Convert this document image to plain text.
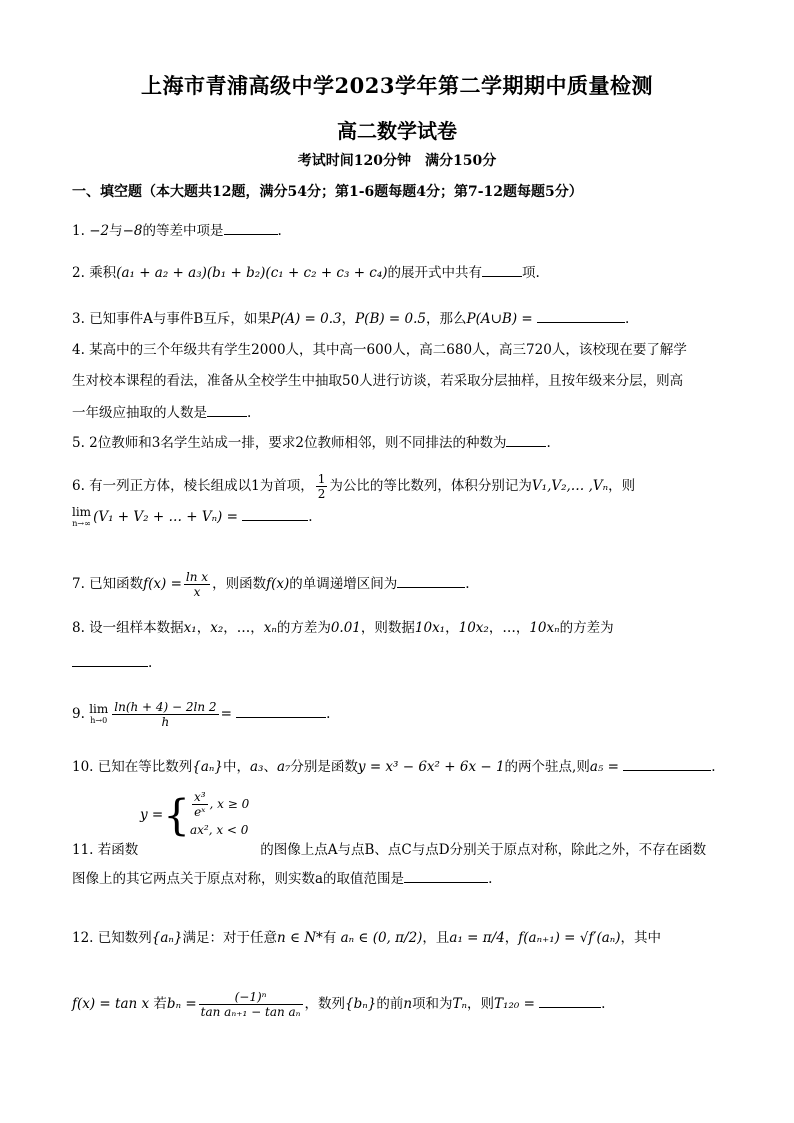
上海市青浦高级中学2023学年第二学期期中质量检测
高二数学试卷
考试时间120分钟　满分150分
一、填空题（本大题共12题，满分54分；第1-6题每题4分；第7-12题每题5分）
1. −2与−8的等差中项是	.
2. 乘积(a₁ + a₂ + a₃)(b₁ + b₂)(c₁ + c₂ + c₃ + c₄)的展开式中共有	项.
3. 已知事件A与事件B互斥，如果P(A) = 0.3，P(B) = 0.5，那么P(A∪B) =	.
4. 某高中的三个年级共有学生2000人，其中高一600人，高二680人，高三720人，该校现在要了解学
生对校本课程的看法，准备从全校学生中抽取50人进行访谈，若采取分层抽样，且按年级来分层，则高
一年级应抽取的人数是	.
5. 2位教师和3名学生站成一排，要求2位教师相邻，则不同排法的种数为	.
6. 有一列正方体，棱长组成以1为首项， $\frac{1}{2}$ 为公比的等比数列，体积分别记为V₁,V₂,… ,Vₙ，则
lim
n→∞ (V₁ + V₂ + … + Vₙ) =	.
7. 已知函数$f(x) = \frac{\text{ln x}}{x}$ ，则函数f(x)的单调递增区间为	.
8. 设一组样本数据x₁，x₂，…，xₙ的方差为0.01，则数据10x₁，10x₂，…，10xₙ的方差为
.
9. lim
$h\to 0 \frac{\ln(h + 4) - 2\ln 2}{h}$ =	.
10. 已知在等比数列{aₙ}中，a₃、a₇分别是函数y = x³ − 6x² + 6x − 1的两个驻点,则a₅ =	.
y ={ $\frac{\text{x³}}{\text{eˣ}}$ , x ≥ 0
ax², x < 0
11. 若函数	的图像上点A与点B、点C与点D分别关于原点对称，除此之外，不存在函数
图像上的其它两点关于原点对称，则实数a的取值范围是	.
12. 已知数列{aₙ}满足：对于任意n ∈ N*有 aₙ ∈ (0, π/2)，且a₁ = π/4，f(aₙ₊₁) = √f′(aₙ)，其中
f(x) = tan x 若$b_n = \frac{\text{(−1)ⁿ}}{\text{tan aₙ₊₁ − tan aₙ}}$ ，数列{bₙ}的前n项和为Tₙ，则T₁₂₀ =	.
